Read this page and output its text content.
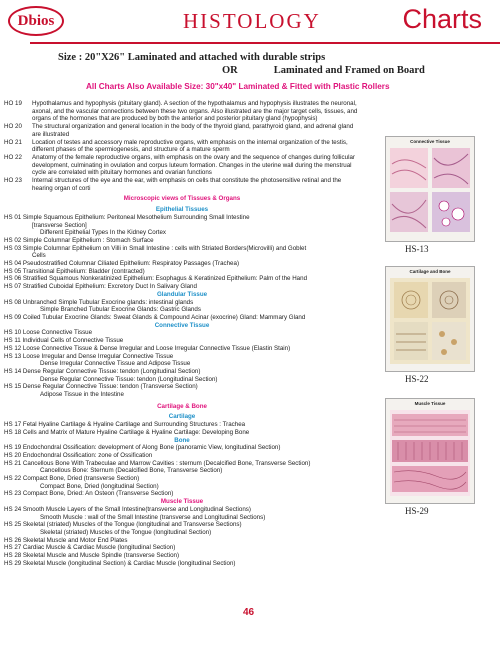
Dbios	HISTOLOGY	Charts
Size : 20"X26" Laminated and attached with durable strips
OR	Laminated and Framed on Board
All Charts Also Available Size: 30"x40" Laminated & Fitted with Plastic Rollers
HO 19	Hypothalamus and hypophysis (pituitary gland). A section of the hypothalamus and hypophysis illustrates the neuronal, axonal, and the vascular connections between these two organs. Also illustrated are the major target cells, tissues, and organs of the hormones that are produced by both the anterior and posterior pituitary gland (hypophysis)
HO 20	The structural organization and general location in the body of the thyroid gland, parathyroid gland, and adrenal gland are illustrated
HO 21	Location of testes and accessory male reproductive organs, with emphasis on the internal organization of the testis, different phases of the spermiogenesis, and structure of a mature sperm
HO 22	Anatomy of the female reproductive organs, with emphasis on the ovary and the sequence of changes during follicular development, culminating in ovulation and corpus luteum formation. Changes in the uterine wall during the menstrual cycle are correlated with pituitary hormones and ovarian functions
HO 23	Internal structures of the eye and the ear, with emphasis on cells that constitute the photosensitive retinal and the hearing organ of corti
Microscopic views of Tissues & Organs
Epithelial Tissues
HS 01 Simple Squamous Epithelium: Peritoneal Mesothelium Surrounding Small Intestine
[transverse Section]
Different Epithelial Types In the Kidney Cortex
HS 02 Simple Columnar Epithelium : Stomach Surface
HS 03 Simple Columnar Epithelium on Villi in Small Intestine : cells with Striated Borders(Microvilli) and Goblet
Cells
HS 04 Pseudostratified Columnar Ciliated Epithelium: Respiratoy Passages (Trachea)
HS 05 Transitional Epithelium: Bladder (contracted)
HS 06 Stratified Squamous Nonkeratinized Epithelium: Esophagus & Keratinized Epithelium: Palm of the Hand
HS 07 Stratified Cuboidal Epithelium: Excretory Duct In Salivary Gland
Glandular Tissue
HS 08 Unbranched Simple Tubular Exocrine glands: intestinal glands
Simple Branched Tubular Exocrine Glands: Gastric Glands
HS 09 Coiled Tubular Exocrine Glands: Sweat Glands & Compound Acinar (exocrine) Gland: Mammary Gland
Connective Tissue
HS 10 Loose Connective Tissue
HS 11 Individual Cells of Connective Tissue
HS 12 Loose Connective Tissue & Dense Irregular and Loose Irregular Connective Tissue (Elastin Stain)
HS 13 Loose Irregular and Dense Irregular Connective Tissue
Dense Irregular Connective Tissue and Adipose Tissue
HS 14 Dense Regular Connective Tissue: tendon (Longitudinal Section)
Dense Regular Connective Tissue: tendon (Longitudinal Section)
HS 15 Dense Regular Connective Tissue: tendon (Transverse Section)
Adipose Tissue in the Intestine
Cartilage & Bone
Cartilage
HS 17 Fetal Hyaline Cartilage & Hyaline Cartilage and Surrounding Structures : Trachea
HS 18 Cells and Matrix of Mature Hyaline Cartilage & Hyaline Cartilage: Developing Bone
Bone
HS 19 Endochondral Ossification: development of Along Bone (panoramic View, longitudinal Section)
HS 20 Endochondral Ossification: zone of Ossification
HS 21 Cancellous Bone With Trabeculae and Marrow Cavities : sternum (Decalcified Bone, Transverse Section)
Cancellous Bone: Sternum (Decalcified Bone, Transverse Section)
HS 22 Compact Bone, Dried (transverse Section)
Compact Bone, Dried (longitudinal Section)
HS 23 Compact Bone, Dried: An Osteon (Transverse Section)
Muscle Tissue
HS 24 Smooth Muscle Layers of the Small Intestine(transverse and Longitudinal Sections)
Smooth Muscle : wall of the Small Intestine (transverse and Longitudinal Sections)
HS 25 Skeletal (striated) Muscles of the Tongue (longitudinal and Transverse Sections)
Skeletal (striated) Muscles of the Tongue (longitudinal Section)
HS 26 Skeletal Muscle and Motor End Plates
HS 27 Cardiac Muscle & Cardiac Muscle (longitudinal Section)
HS 28 Skeletal Muscle and Muscle Spindle (transverse Section)
HS 29 Skeletal Muscle (longitudinal Section) & Cardiac Muscle (longitudinal Section)
Connective Tissue
HS-13
Cartilage and Bone
HS-22
Muscle Tissue
HS-29
46
